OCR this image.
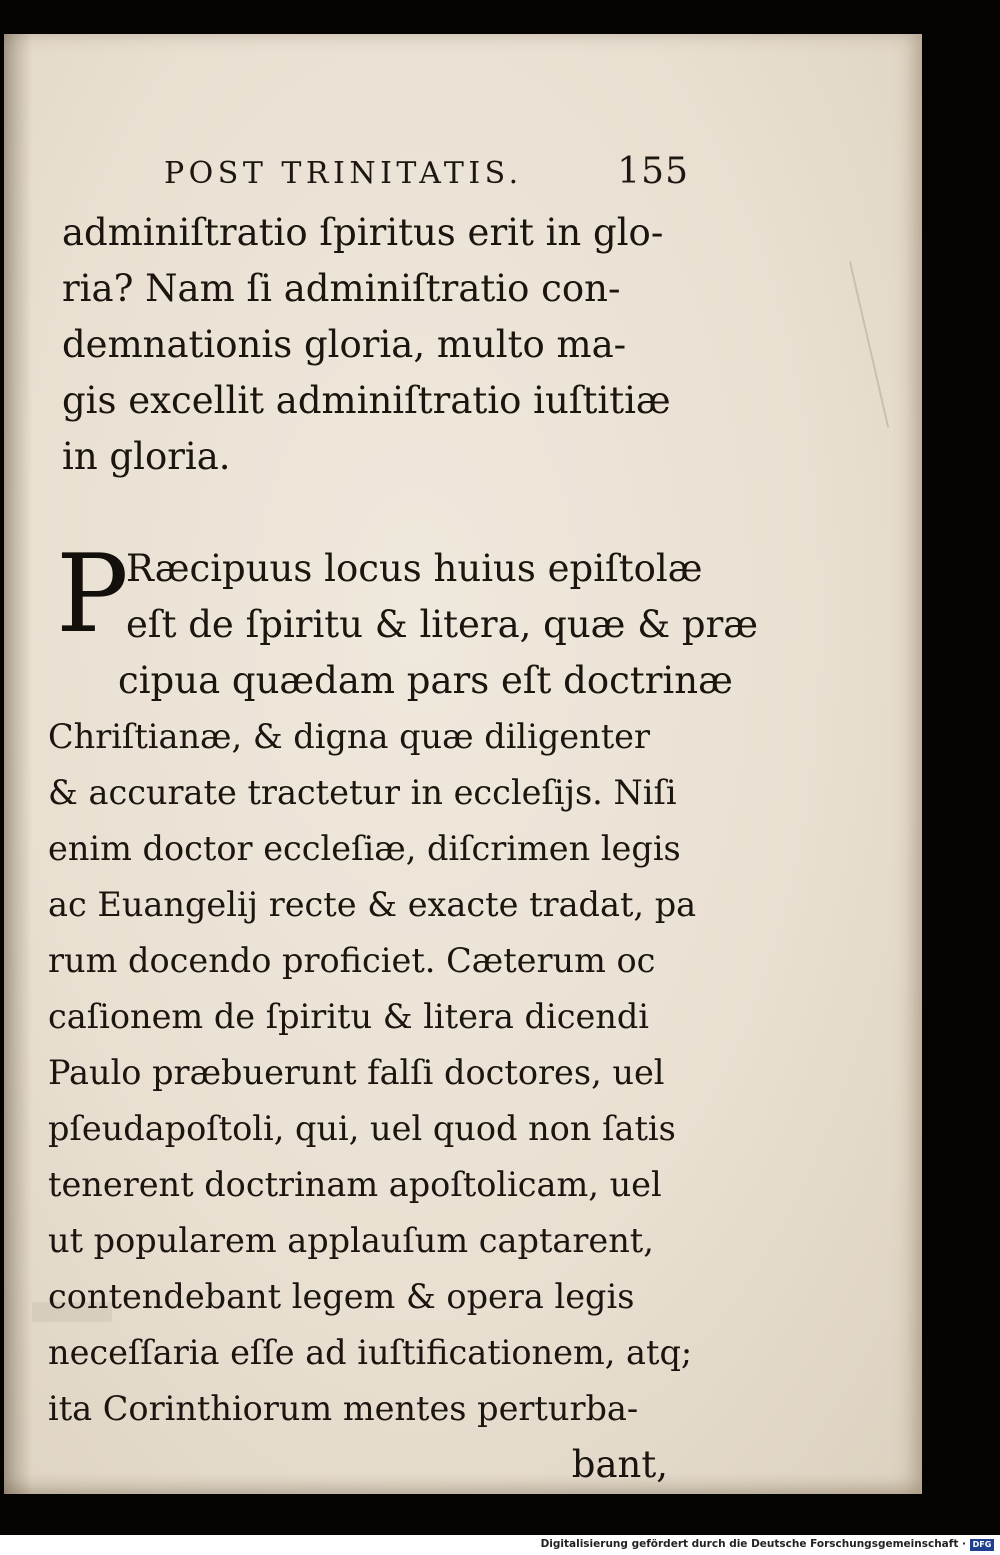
POST TRINITATIS.	155
adminiſtratio ſpiritus erit in glo-
ria? Nam ſi adminiſtratio con-
demnationis gloria, multo ma-
gis excellit adminiſtratio iuſtitiæ
in gloria.
P
Ræcipuus locus huius epiſtolæ
eſt de ſpiritu & litera, quæ & præ
cipua quædam pars eſt doctrinæ
Chriſtianæ, & digna quæ diligenter
& accurate tractetur in eccleſijs. Niſi
enim doctor eccleſiæ, diſcrimen legis
ac Euangelij recte & exacte tradat, pa
rum docendo proficiet. Cæterum oc
caſionem de ſpiritu & litera dicendi
Paulo præbuerunt falſi doctores, uel
pſeudapoſtoli, qui, uel quod non ſatis
tenerent doctrinam apoſtolicam, uel
ut popularem applauſum captarent,
contendebant legem & opera legis
neceſſaria eſſe ad iuſtificationem, atq;
ita Corinthiorum mentes perturba-
bant,
Digitalisierung gefördert durch die Deutsche Forschungsgemeinschaft · DFG
